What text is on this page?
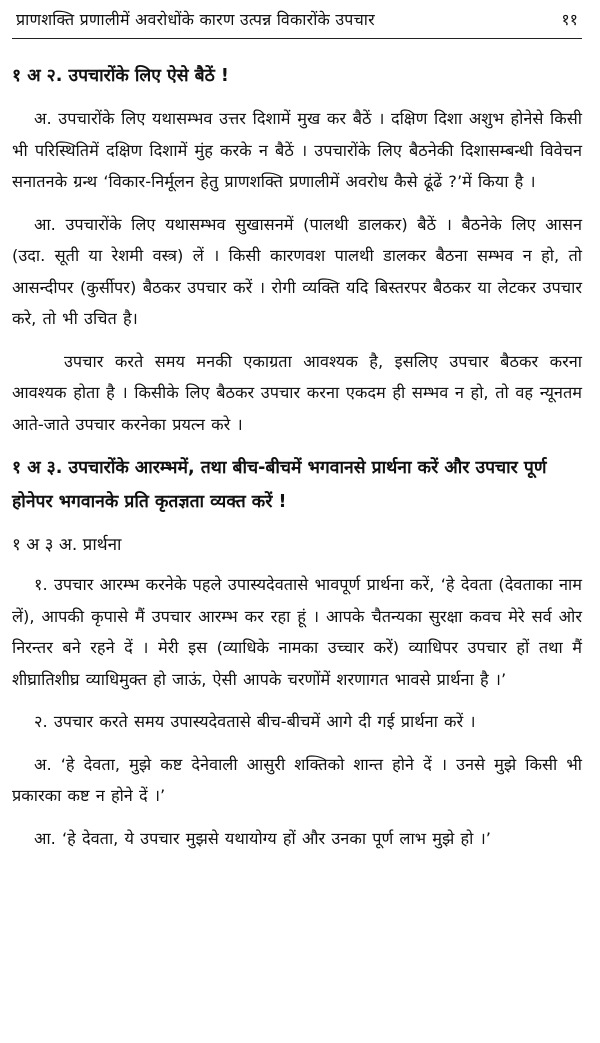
प्राणशक्ति प्रणालीमें अवरोधोंके कारण उत्पन्न विकारोंके उपचार	११
१ अ २. उपचारोंके लिए ऐसे बैठें !

अ. उपचारोंके लिए यथासम्भव उत्तर दिशामें मुख कर बैठें । दक्षिण दिशा अशुभ होनेसे किसी भी परिस्थितिमें दक्षिण दिशामें मुंह करके न बैठें । उपचारोंके लिए बैठनेकी दिशासम्बन्धी विवेचन सनातनके ग्रन्थ ‘विकार-निर्मूलन हेतु प्राणशक्ति प्रणालीमें अवरोध कैसे ढूंढें ?’में किया है ।

आ. उपचारोंके लिए यथासम्भव सुखासनमें (पालथी डालकर) बैठें । बैठनेके लिए आसन (उदा. सूती या रेशमी वस्त्र) लें । किसी कारणवश पालथी डालकर बैठना सम्भव न हो, तो आसन्दीपर (कुर्सीपर) बैठकर उपचार करें । रोगी व्यक्ति यदि बिस्तरपर बैठकर या लेटकर उपचार करे, तो भी उचित है।

उपचार करते समय मनकी एकाग्रता आवश्यक है, इसलिए उपचार बैठकर करना आवश्यक होता है । किसीके लिए बैठकर उपचार करना एकदम ही सम्भव न हो, तो वह न्यूनतम आते-जाते उपचार करनेका प्रयत्न करे ।

१ अ ३. उपचारोंके आरम्भमें, तथा बीच-बीचमें भगवानसे प्रार्थना करें और उपचार पूर्ण होनेपर भगवानके प्रति कृतज्ञता व्यक्त करें !
१ अ ३ अ. प्रार्थना

१. उपचार आरम्भ करनेके पहले उपास्यदेवतासे भावपूर्ण प्रार्थना करें, ‘हे देवता (देवताका नाम लें), आपकी कृपासे मैं उपचार आरम्भ कर रहा हूं । आपके चैतन्यका सुरक्षा कवच मेरे सर्व ओर निरन्तर बने रहने दें । मेरी इस (व्याधिके नामका उच्चार करें) व्याधिपर उपचार हों तथा मैं शीघ्रातिशीघ्र व्याधिमुक्त हो जाऊं, ऐसी आपके चरणोंमें शरणागत भावसे प्रार्थना है ।’

२. उपचार करते समय उपास्यदेवतासे बीच-बीचमें आगे दी गई प्रार्थना करें ।

अ. ‘हे देवता, मुझे कष्ट देनेवाली आसुरी शक्तिको शान्त होने दें । उनसे मुझे किसी भी प्रकारका कष्ट न होने दें ।’

आ. ‘हे देवता, ये उपचार मुझसे यथायोग्य हों और उनका पूर्ण लाभ मुझे हो ।’
